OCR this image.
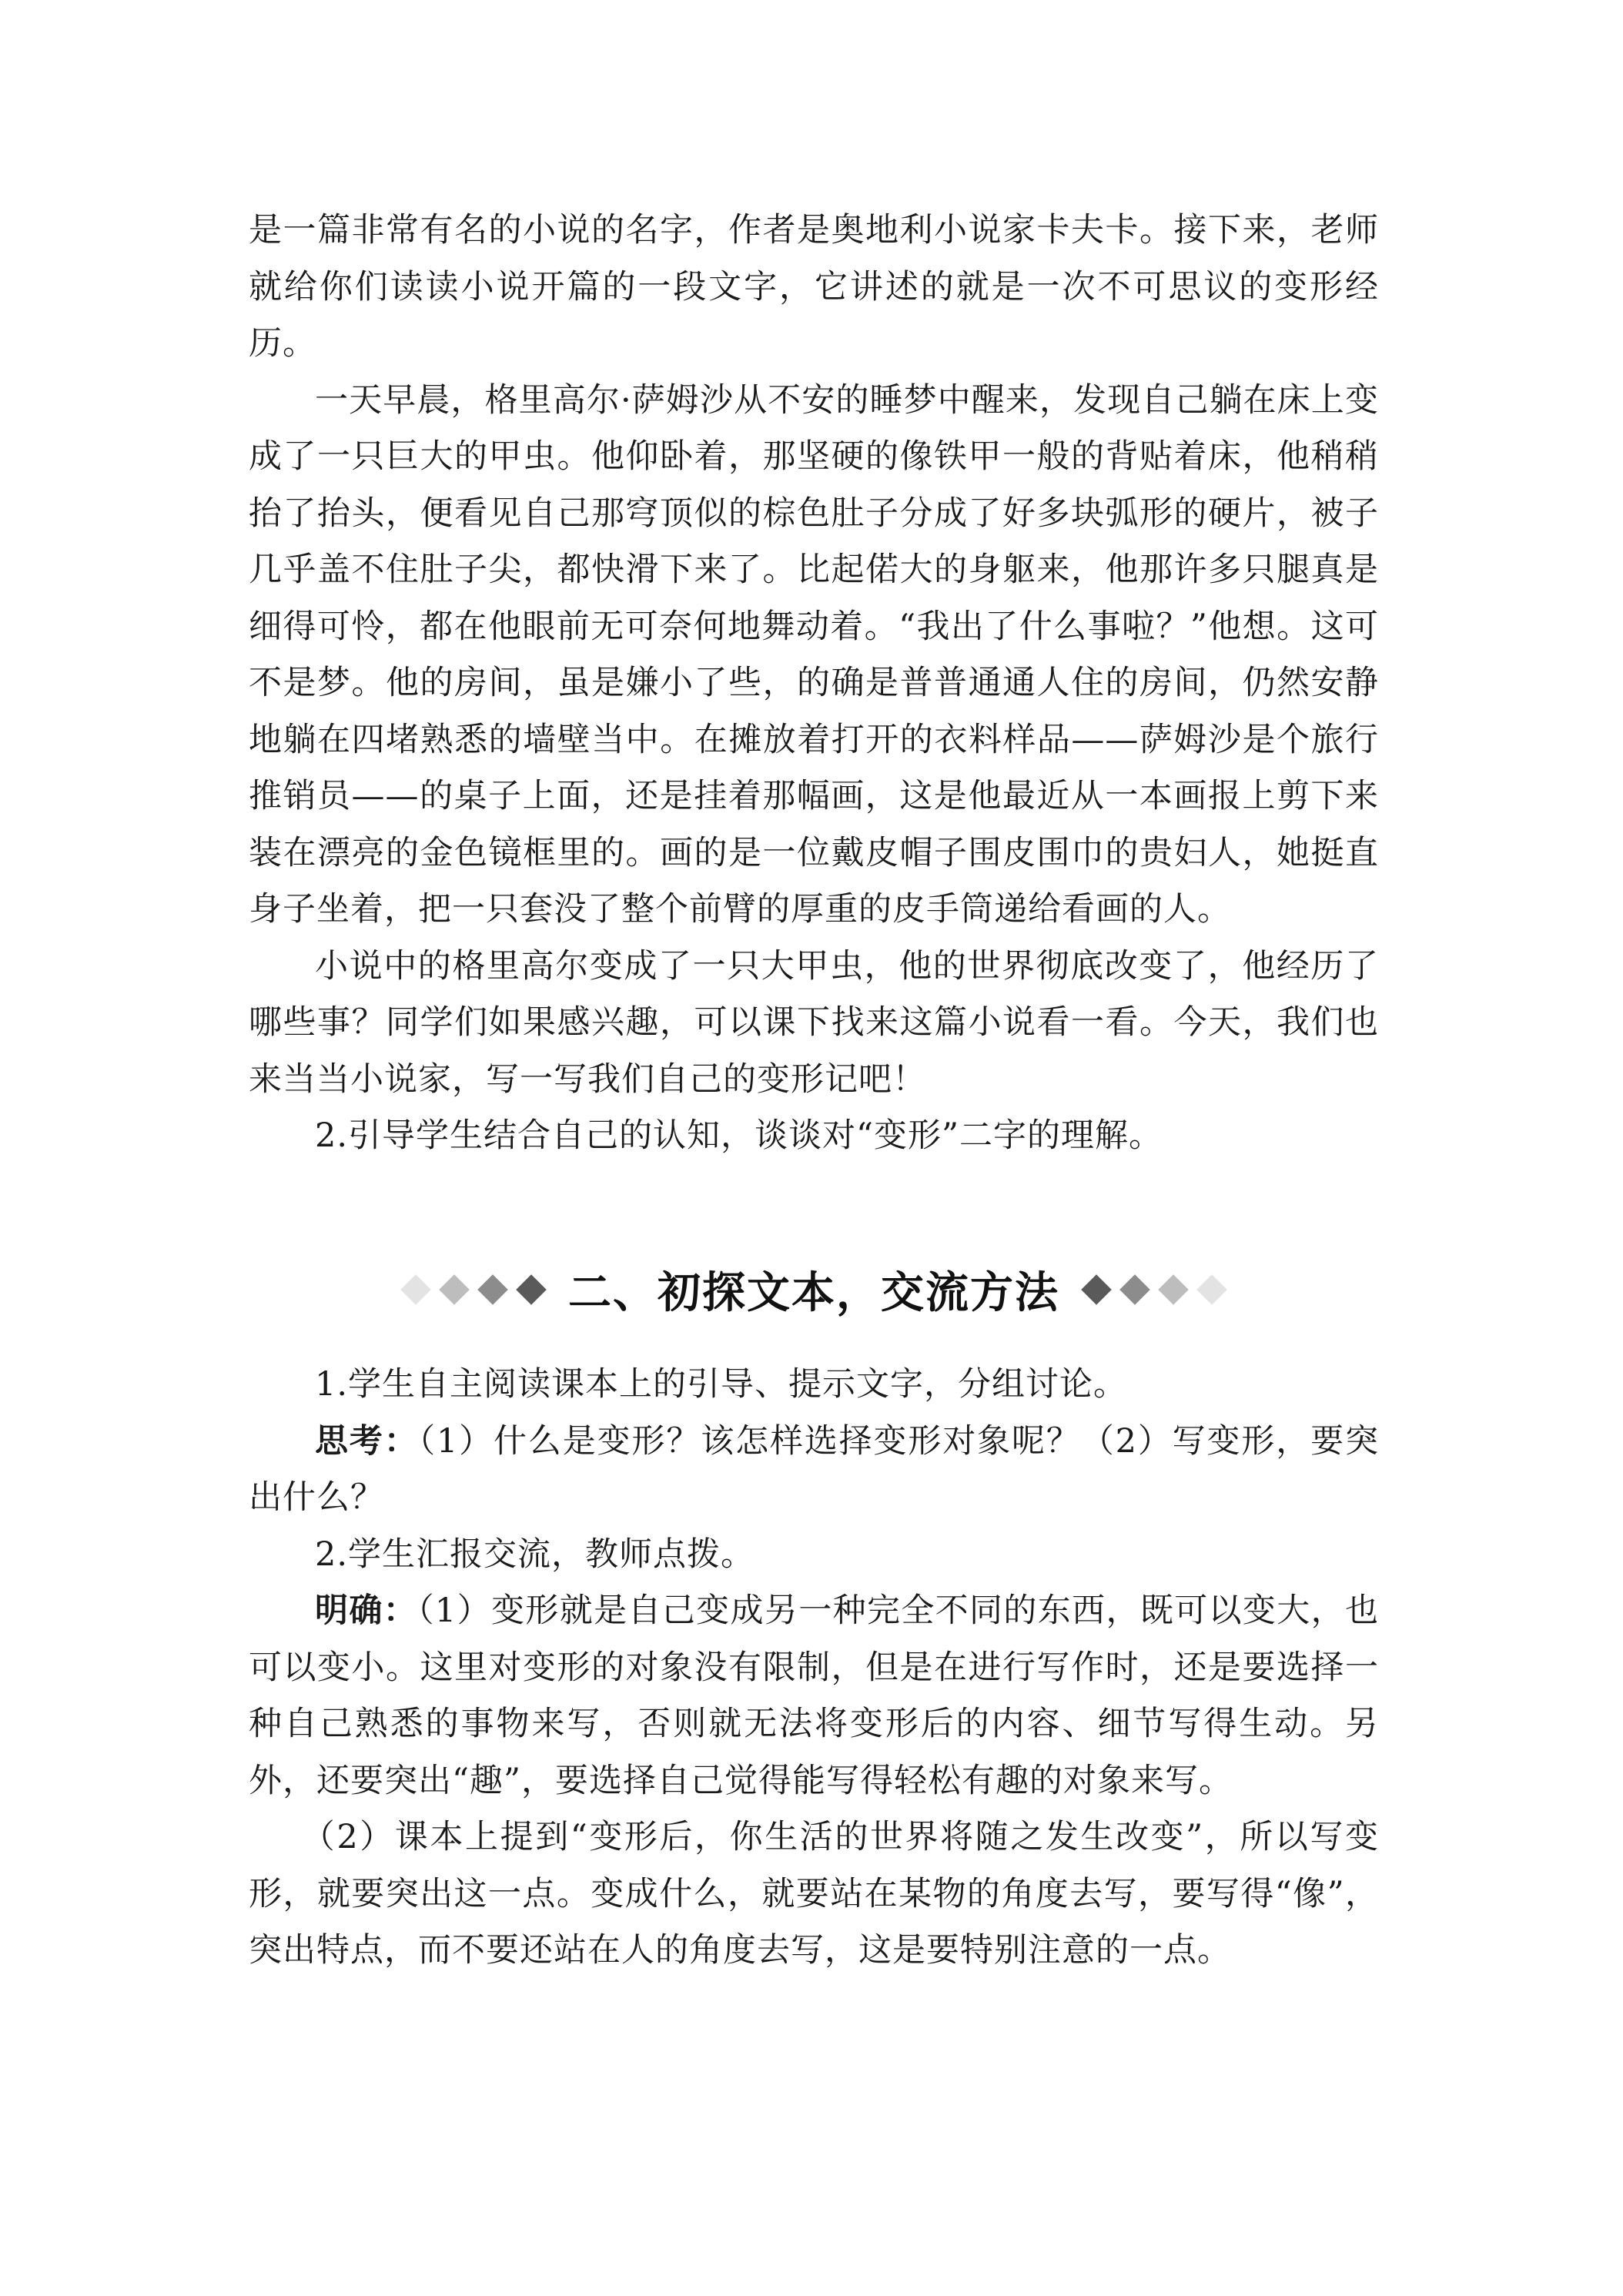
是一篇非常有名的小说的名字，作者是奥地利小说家卡夫卡。接下来，老师就给你们读读小说开篇的一段文字，它讲述的就是一次不可思议的变形经历。

一天早晨，格里高尔·萨姆沙从不安的睡梦中醒来，发现自己躺在床上变成了一只巨大的甲虫。他仰卧着，那坚硬的像铁甲一般的背贴着床，他稍稍抬了抬头，便看见自己那穹顶似的棕色肚子分成了好多块弧形的硬片，被子几乎盖不住肚子尖，都快滑下来了。比起偌大的身躯来，他那许多只腿真是细得可怜，都在他眼前无可奈何地舞动着。“我出了什么事啦？”他想。这可不是梦。他的房间，虽是嫌小了些，的确是普普通通人住的房间，仍然安静地躺在四堵熟悉的墙壁当中。在摊放着打开的衣料样品——萨姆沙是个旅行推销员——的桌子上面，还是挂着那幅画，这是他最近从一本画报上剪下来装在漂亮的金色镜框里的。画的是一位戴皮帽子围皮围巾的贵妇人，她挺直身子坐着，把一只套没了整个前臂的厚重的皮手筒递给看画的人。

小说中的格里高尔变成了一只大甲虫，他的世界彻底改变了，他经历了哪些事？同学们如果感兴趣，可以课下找来这篇小说看一看。今天，我们也来当当小说家，写一写我们自己的变形记吧！

2.引导学生结合自己的认知，谈谈对“变形”二字的理解。

二、初探文本，交流方法

1.学生自主阅读课本上的引导、提示文字，分组讨论。

思考：（1）什么是变形？该怎样选择变形对象呢？（2）写变形，要突出什么？

2.学生汇报交流，教师点拨。

明确：（1）变形就是自己变成另一种完全不同的东西，既可以变大，也可以变小。这里对变形的对象没有限制，但是在进行写作时，还是要选择一种自己熟悉的事物来写，否则就无法将变形后的内容、细节写得生动。另外，还要突出“趣”，要选择自己觉得能写得轻松有趣的对象来写。

（2）课本上提到“变形后，你生活的世界将随之发生改变”，所以写变形，就要突出这一点。变成什么，就要站在某物的角度去写，要写得“像”，突出特点，而不要还站在人的角度去写，这是要特别注意的一点。
